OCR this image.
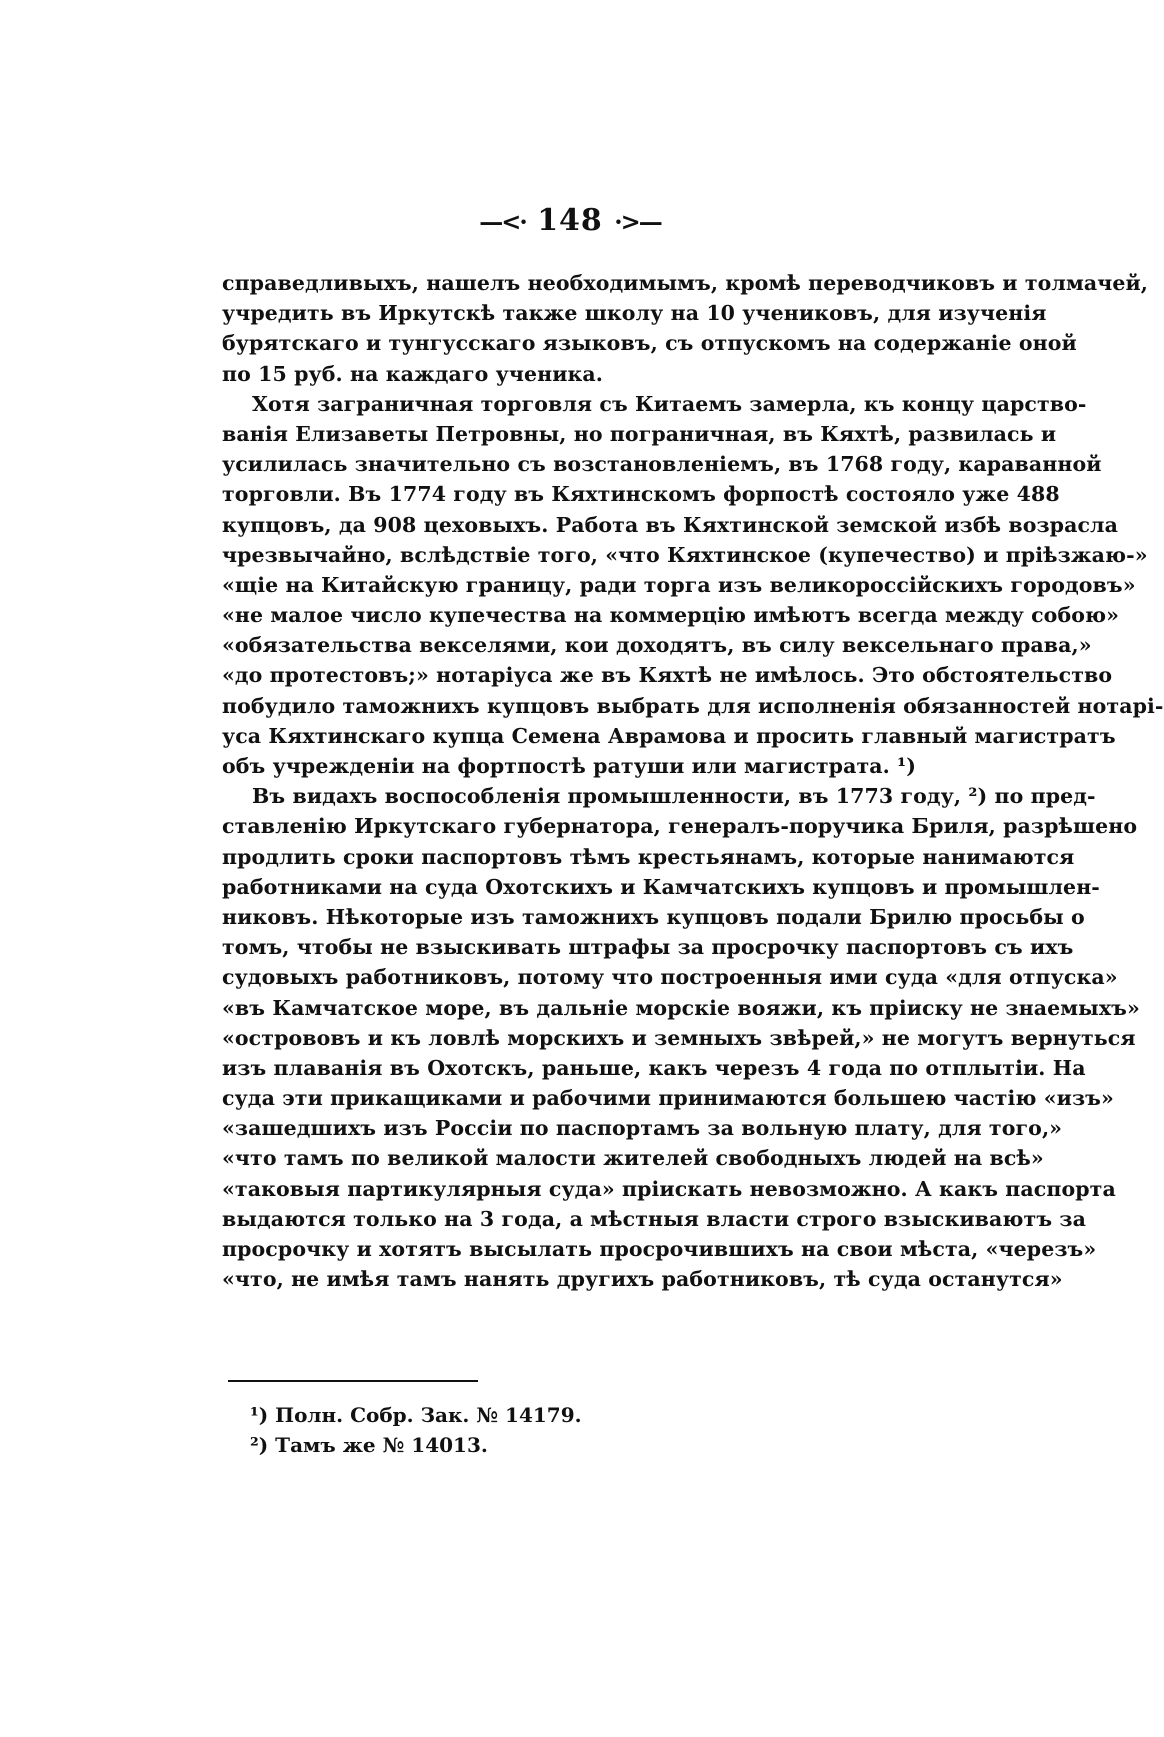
—<· 148 ·>—
справедливыхъ, нашелъ необходимымъ, кромѣ переводчиковъ и толмачей,
учредить въ Иркутскѣ также школу на 10 учениковъ, для изученія
бурятскаго и тунгусскаго языковъ, съ отпускомъ на содержаніе оной
по 15 руб. на каждаго ученика.
Хотя заграничная торговля съ Китаемъ замерла, къ концу царство-
ванія Елизаветы Петровны, но пограничная, въ Кяхтѣ, развилась и
усилилась значительно съ возстановленіемъ, въ 1768 году, караванной
торговли. Въ 1774 году въ Кяхтинскомъ форпостѣ состояло уже 488
купцовъ, да 908 цеховыхъ. Работа въ Кяхтинской земской избѣ возрасла
чрезвычайно, вслѣдствіе того, «что Кяхтинское (купечество) и пріѣзжаю-»
«щіе на Китайскую границу, ради торга изъ великороссійскихъ городовъ»
«не малое число купечества на коммерцію имѣютъ всегда между собою»
«обязательства векселями, кои доходятъ, въ силу вексельнаго права,»
«до протестовъ;» нотаріуса же въ Кяхтѣ не имѣлось. Это обстоятельство
побудило таможнихъ купцовъ выбрать для исполненія обязанностей нотарі-
уса Кяхтинскаго купца Семена Аврамова и просить главный магистратъ
объ учрежденіи на фортпостѣ ратуши или магистрата. ¹)
Въ видахъ воспособленія промышленности, въ 1773 году, ²) по пред-
ставленію Иркутскаго губернатора, генералъ-поручика Бриля, разрѣшено
продлить сроки паспортовъ тѣмъ крестьянамъ, которые нанимаются
работниками на суда Охотскихъ и Камчатскихъ купцовъ и промышлен-
никовъ. Нѣкоторые изъ таможнихъ купцовъ подали Брилю просьбы о
томъ, чтобы не взыскивать штрафы за просрочку паспортовъ съ ихъ
судовыхъ работниковъ, потому что построенныя ими суда «для отпуска»
«въ Камчатское море, въ дальніе морскіе вояжи, къ пріиску не знаемыхъ»
«острововъ и къ ловлѣ морскихъ и земныхъ звѣрей,» не могутъ вернуться
изъ плаванія въ Охотскъ, раньше, какъ черезъ 4 года по отплытіи. На
суда эти прикащиками и рабочими принимаются большею частію «изъ»
«зашедшихъ изъ Россіи по паспортамъ за вольную плату, для того,»
«что тамъ по великой малости жителей свободныхъ людей на всѣ»
«таковыя партикулярныя суда» пріискать невозможно. А какъ паспорта
выдаются только на 3 года, а мѣстныя власти строго взыскиваютъ за
просрочку и хотятъ высылать просрочившихъ на свои мѣста, «черезъ»
«что, не имѣя тамъ нанять другихъ работниковъ, тѣ суда останутся»
¹) Полн. Собр. Зак. № 14179.
²) Тамъ же № 14013.
